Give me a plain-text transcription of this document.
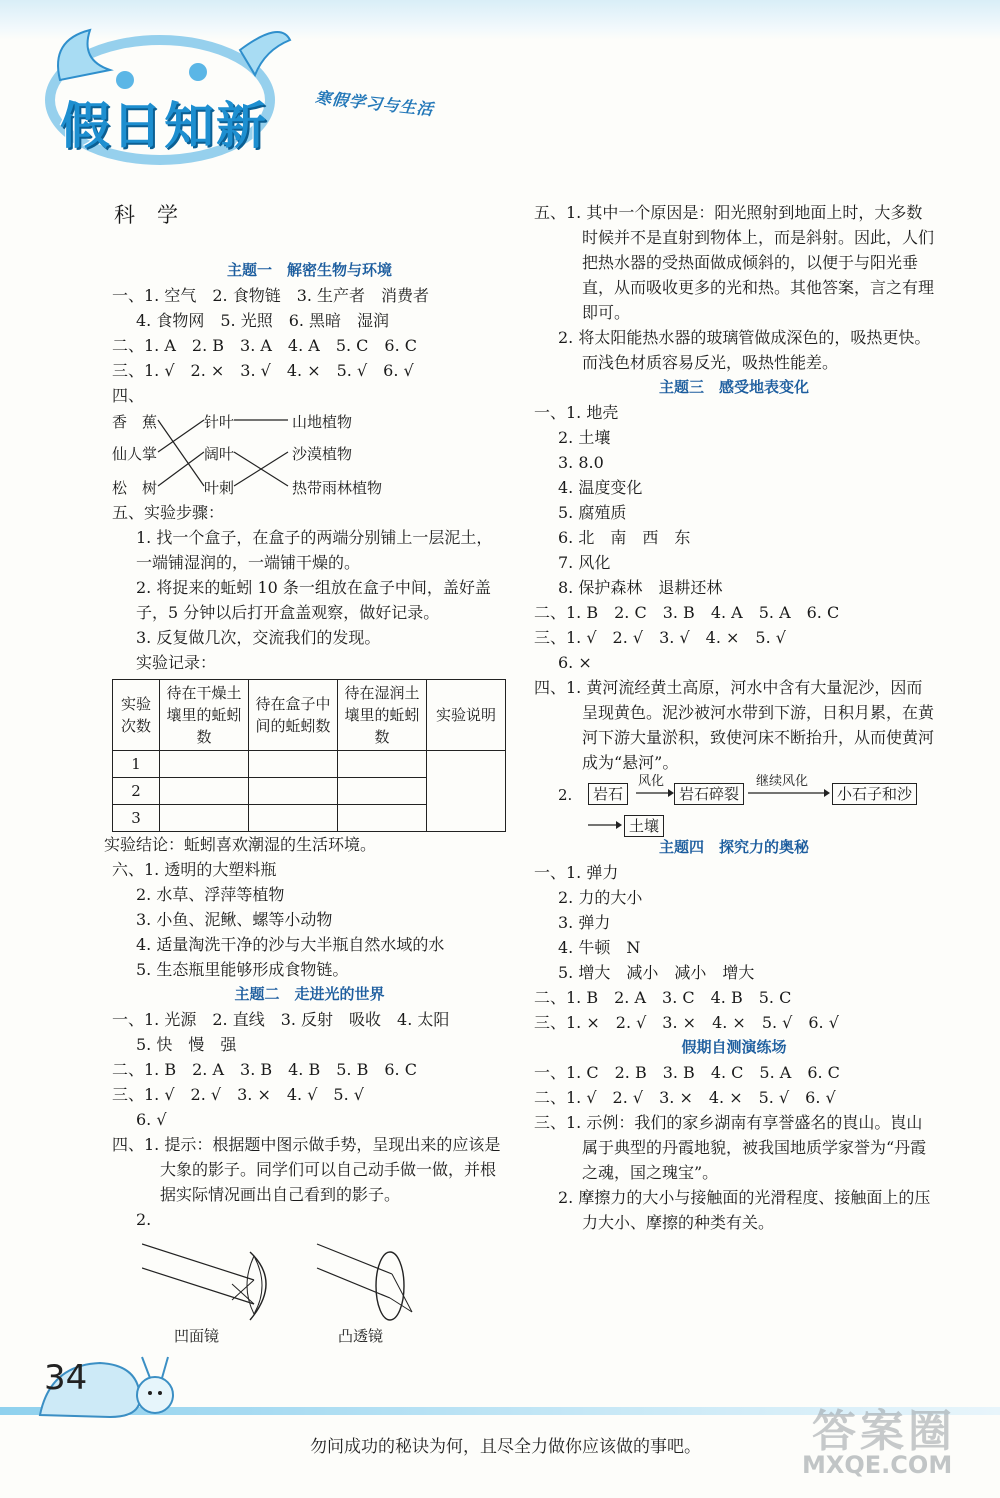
假日知新	寒假学习与生活

科学

主题一　解密生物与环境

一、1. 空气　2. 食物链　3. 生产者　消费者

4. 食物网　5. 光照　6. 黑暗　湿润

二、1. A　2. B　3. A　4. A　5. C　6. C

三、1. √　2. ×　3. √　4. ×　5. √　6. √

四、

香　蕉
仙人掌
松　树
针叶
阔叶
叶刺
山地植物
沙漠植物
热带雨林植物

五、实验步骤：

1. 找一个盒子，在盒子的两端分别铺上一层泥土，一端铺湿润的，一端铺干燥的。

2. 将捉来的蚯蚓 10 条一组放在盒子中间，盖好盖子，5 分钟以后打开盒盖观察，做好记录。

3. 反复做几次，交流我们的发现。

实验记录：

实验次数	待在干燥土壤里的蚯蚓数	待在盒子中间的蚯蚓数	待在湿润土壤里的蚯蚓数	实验说明
1				
2				
3				

实验结论：蚯蚓喜欢潮湿的生活环境。

六、1. 透明的大塑料瓶

2. 水草、浮萍等植物

3. 小鱼、泥鳅、螺等小动物

4. 适量淘洗干净的沙与大半瓶自然水域的水

5. 生态瓶里能够形成食物链。

主题二　走进光的世界

一、1. 光源　2. 直线　3. 反射　吸收　4. 太阳

5. 快　慢　强

二、1. B　2. A　3. B　4. B　5. B　6. C

三、1. √　2. √　3. ×　4. √　5. √

6. √

四、1. 提示：根据题中图示做手势，呈现出来的应该是大象的影子。同学们可以自己动手做一做，并根据实际情况画出自己看到的影子。

2.

凹面镜	凸透镜

五、1. 其中一个原因是：阳光照射到地面上时，大多数时候并不是直射到物体上，而是斜射。因此，人们把热水器的受热面做成倾斜的，以便于与阳光垂直，从而吸收更多的光和热。其他答案，言之有理即可。

2. 将太阳能热水器的玻璃管做成深色的，吸热更快。而浅色材质容易反光，吸热性能差。

主题三　感受地表变化

一、1. 地壳

2. 土壤

3. 8.0

4. 温度变化

5. 腐殖质

6. 北　南　西　东

7. 风化

8. 保护森林　退耕还林

二、1. B　2. C　3. B　4. A　5. A　6. C

三、1. √　2. √　3. √　4. ×　5. √

6. ×

四、1. 黄河流经黄土高原，河水中含有大量泥沙，因而呈现黄色。泥沙被河水带到下游，日积月累，在黄河下游大量淤积，致使河床不断抬升，从而使黄河成为“悬河”。

2.	岩石
风化
岩石碎裂
继续风化
小石子和沙
土壤

主题四　探究力的奥秘

一、1. 弹力

2. 力的大小

3. 弹力

4. 牛顿　N

5. 增大　减小　减小　增大

二、1. B　2. A　3. C　4. B　5. C

三、1. ×　2. √　3. ×　4. ×　5. √　6. √

假期自测演练场

一、1. C　2. B　3. B　4. C　5. A　6. C

二、1. √　2. √　3. ×　4. ×　5. √　6. √

三、1. 示例：我们的家乡湖南有享誉盛名的崀山。崀山属于典型的丹霞地貌，被我国地质学家誉为“丹霞之魂，国之瑰宝”。

2. 摩擦力的大小与接触面的光滑程度、接触面上的压力大小、摩擦的种类有关。

34
勿问成功的秘诀为何，且尽全力做你应该做的事吧。	答案圈
MXQE.COM
